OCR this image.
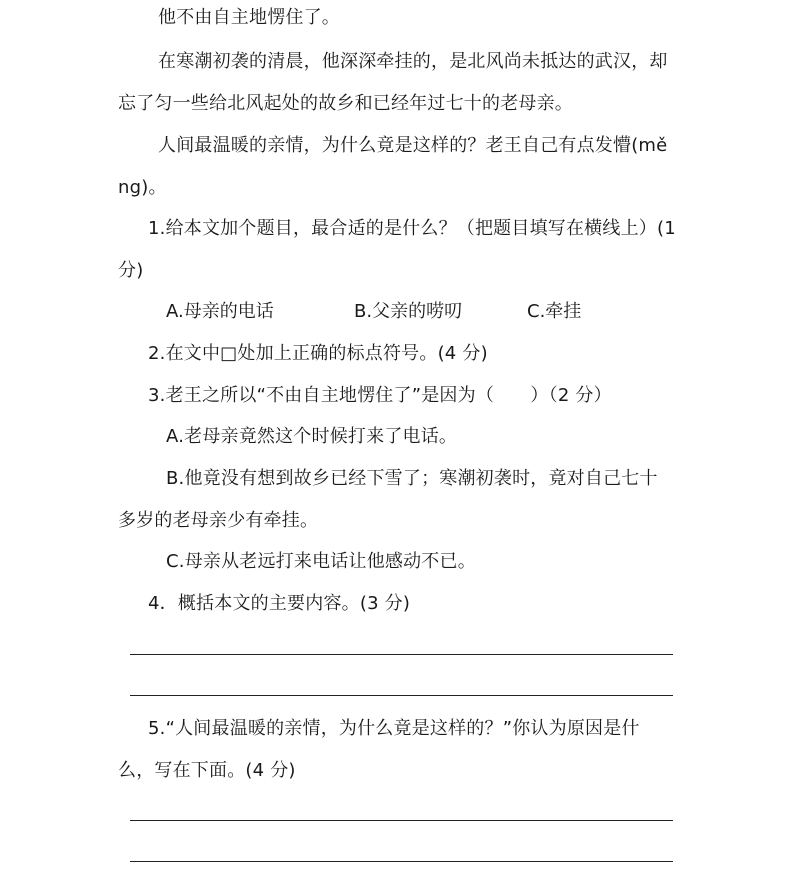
他不由自主地愣住了。
在寒潮初袭的清晨，他深深牵挂的，是北风尚未抵达的武汉，却
忘了匀一些给北风起处的故乡和已经年过七十的老母亲。
人间最温暖的亲情，为什么竟是这样的？老王自己有点发懵(mě
ng)。
1.给本文加个题目，最合适的是什么？（把题目填写在横线上）(1
分)
A.母亲的电话	B.父亲的唠叨	C.牵挂
2.在文中□处加上正确的标点符号。(4 分)
3.老王之所以“不由自主地愣住了”是因为（　　）（2 分）
A.老母亲竟然这个时候打来了电话。
B.他竟没有想到故乡已经下雪了；寒潮初袭时，竟对自己七十
多岁的老母亲少有牵挂。
C.母亲从老远打来电话让他感动不已。
4．概括本文的主要内容。(3 分)
5.“人间最温暖的亲情，为什么竟是这样的？”你认为原因是什
么，写在下面。(4 分)
